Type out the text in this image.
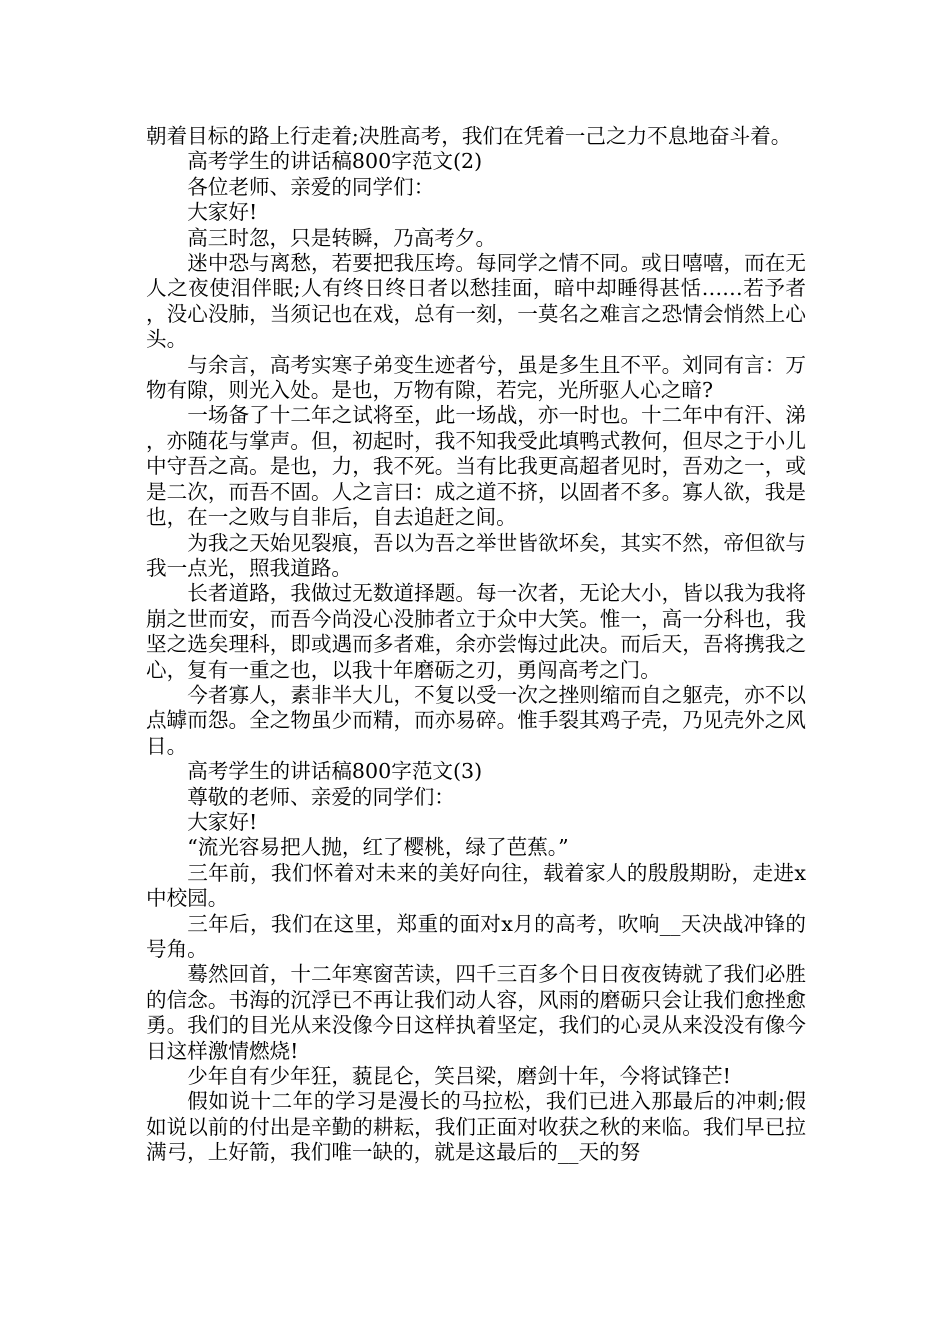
朝着目标的路上行走着;决胜高考，我们在凭着一己之力不息地奋斗着。

高考学生的讲话稿800字范文(2)

各位老师、亲爱的同学们：

大家好!

高三时忽，只是转瞬，乃高考夕。

迷中恐与离愁，若要把我压垮。每同学之情不同。或日嘻嘻，而在无人之夜使泪伴眠;人有终日终日者以愁挂面，暗中却睡得甚恬……若予者，没心没肺，当须记也在戏，总有一刻，一莫名之难言之恐情会悄然上心头。

与余言，高考实寒子弟变生迹者兮，虽是多生且不平。刘同有言：万物有隙，则光入处。是也，万物有隙，若完，光所驱人心之暗?

一场备了十二年之试将至，此一场战，亦一时也。十二年中有汗、涕，亦随花与掌声。但，初起时，我不知我受此填鸭式教何，但尽之于小儿中守吾之高。是也，力，我不死。当有比我更高超者见时，吾劝之一，或是二次，而吾不固。人之言曰：成之道不挤，以固者不多。寡人欲，我是也，在一之败与自非后，自去追赶之间。

为我之天始见裂痕，吾以为吾之举世皆欲坏矣，其实不然，帝但欲与我一点光，照我道路。

长者道路，我做过无数道择题。每一次者，无论大小，皆以我为我将崩之世而安，而吾今尚没心没肺者立于众中大笑。惟一，高一分科也，我坚之选矣理科，即或遇而多者难，余亦尝悔过此决。而后天，吾将携我之心，复有一重之也，以我十年磨砺之刃，勇闯高考之门。

今者寡人，素非半大儿，不复以受一次之挫则缩而自之躯壳，亦不以点罅而怨。全之物虽少而精，而亦易碎。惟手裂其鸡子壳，乃见壳外之风日。

高考学生的讲话稿800字范文(3)

尊敬的老师、亲爱的同学们：

大家好!

“流光容易把人抛，红了樱桃，绿了芭蕉。”

三年前，我们怀着对未来的美好向往，载着家人的殷殷期盼，走进x中校园。

三年后，我们在这里，郑重的面对x月的高考，吹响__天决战冲锋的号角。

蓦然回首，十二年寒窗苦读，四千三百多个日日夜夜铸就了我们必胜的信念。书海的沉浮已不再让我们动人容，风雨的磨砺只会让我们愈挫愈勇。我们的目光从来没像今日这样执着坚定，我们的心灵从来没没有像今日这样激情燃烧!

少年自有少年狂，藐昆仑，笑吕梁，磨剑十年，今将试锋芒!

假如说十二年的学习是漫长的马拉松，我们已进入那最后的冲刺;假如说以前的付出是辛勤的耕耘，我们正面对收获之秋的来临。我们早已拉满弓，上好箭，我们唯一缺的，就是这最后的__天的努
